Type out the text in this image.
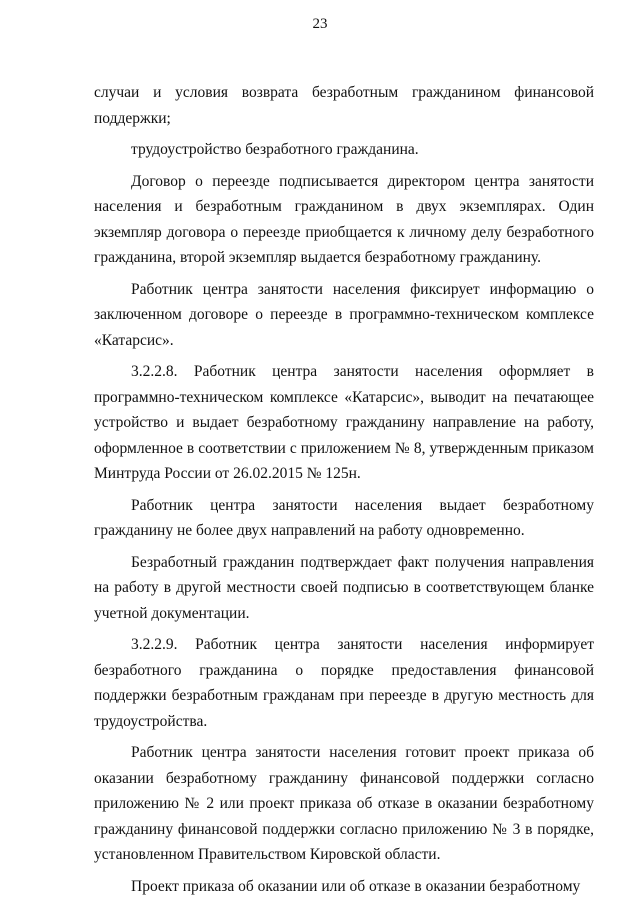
23

случаи и условия возврата безработным гражданином финансовой поддержки;

трудоустройство безработного гражданина.

Договор о переезде подписывается директором центра занятости населения и безработным гражданином в двух экземплярах. Один экземпляр договора о переезде приобщается к личному делу безработного гражданина, второй экземпляр выдается безработному гражданину.

Работник центра занятости населения фиксирует информацию о заключенном договоре о переезде в программно-техническом комплексе «Катарсис».

3.2.2.8. Работник центра занятости населения оформляет в программно-техническом комплексе «Катарсис», выводит на печатающее устройство и выдает безработному гражданину направление на работу, оформленное в соответствии с приложением № 8, утвержденным приказом Минтруда России от 26.02.2015 № 125н.

Работник центра занятости населения выдает безработному гражданину не более двух направлений на работу одновременно.

Безработный гражданин подтверждает факт получения направления на работу в другой местности своей подписью в соответствующем бланке учетной документации.

3.2.2.9. Работник центра занятости населения информирует безработного гражданина о порядке предоставления финансовой поддержки безработным гражданам при переезде в другую местность для трудоустройства.

Работник центра занятости населения готовит проект приказа об оказании безработному гражданину финансовой поддержки согласно приложению № 2 или проект приказа об отказе в оказании безработному гражданину финансовой поддержки согласно приложению № 3 в порядке, установленном Правительством Кировской области.

Проект приказа об оказании или об отказе в оказании безработному
